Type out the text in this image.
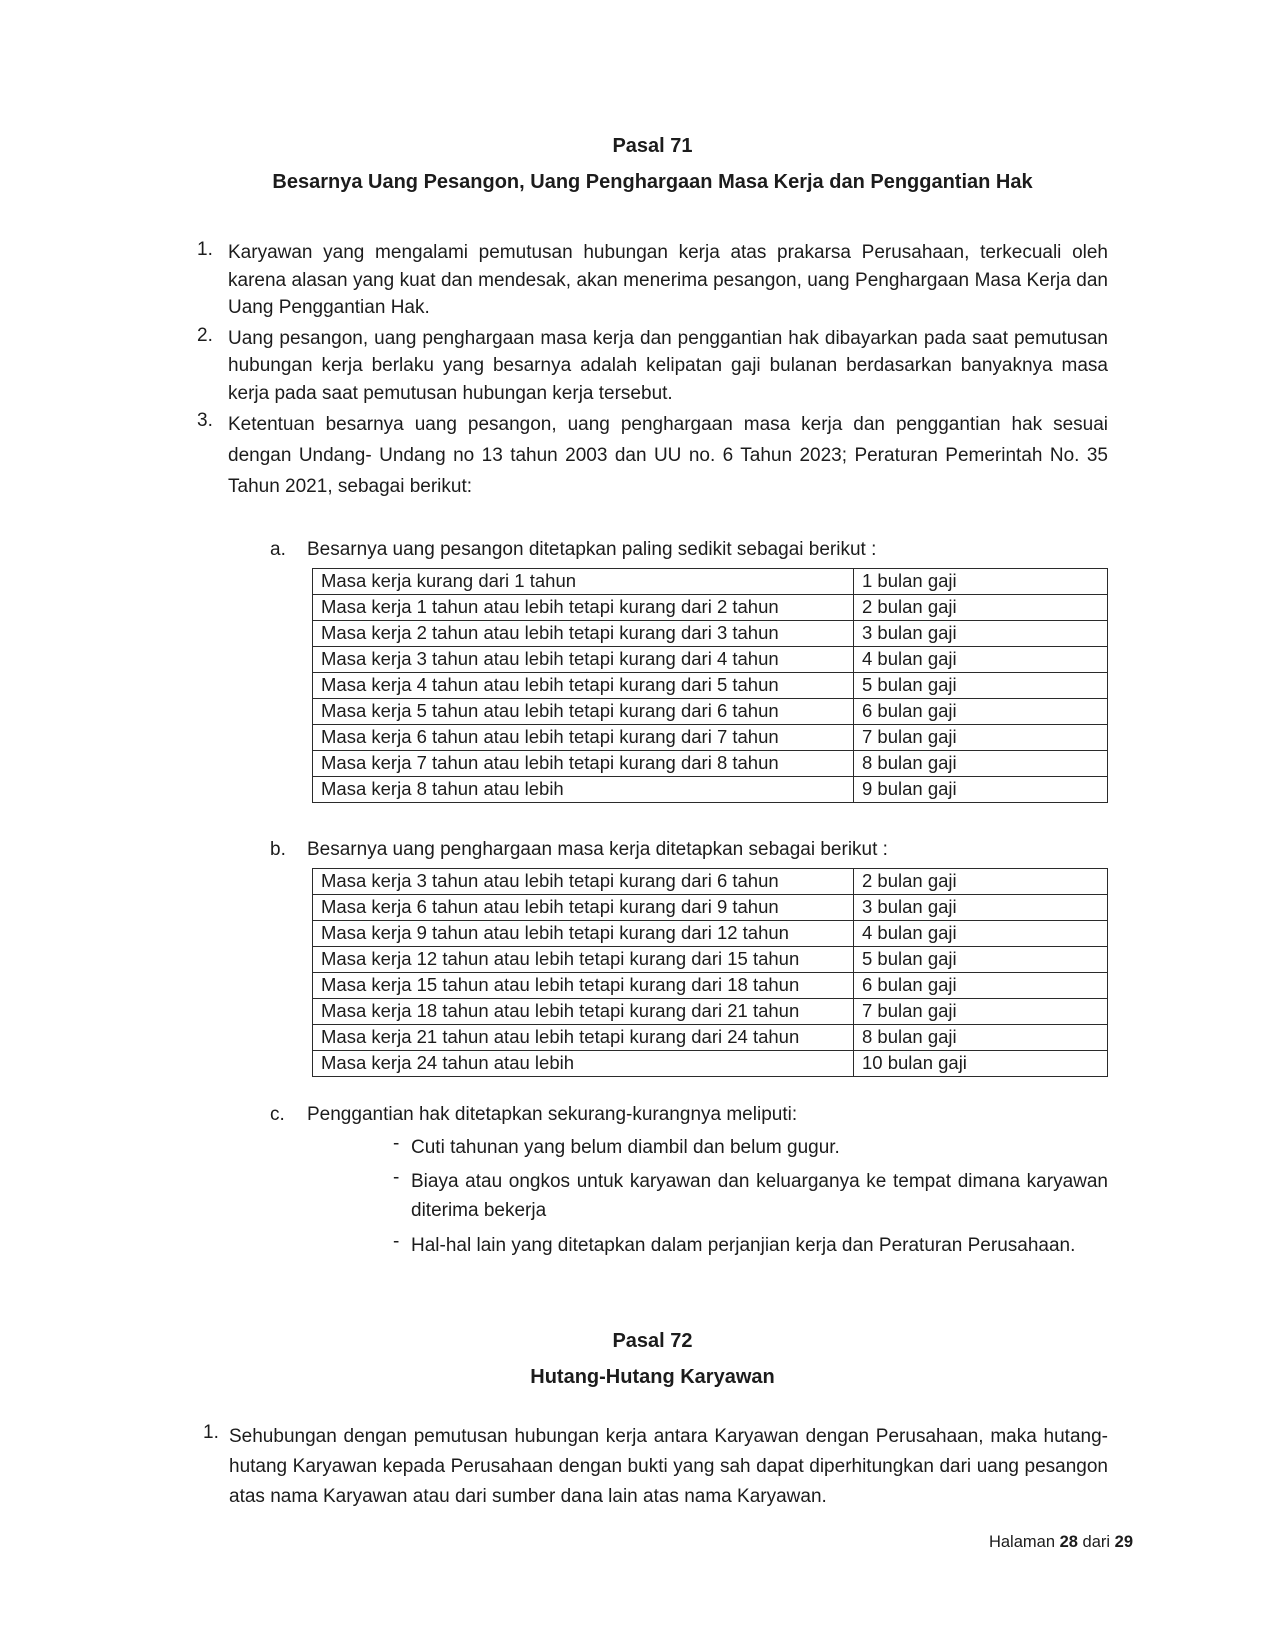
Pasal 71
Besarnya Uang Pesangon, Uang Penghargaan Masa Kerja dan Penggantian Hak
1. Karyawan yang mengalami pemutusan hubungan kerja atas prakarsa Perusahaan, terkecuali oleh karena alasan yang kuat dan mendesak, akan menerima pesangon, uang Penghargaan Masa Kerja dan Uang Penggantian Hak.
2. Uang pesangon, uang penghargaan masa kerja dan penggantian hak dibayarkan pada saat pemutusan hubungan kerja berlaku yang besarnya adalah kelipatan gaji bulanan berdasarkan banyaknya masa kerja pada saat pemutusan hubungan kerja tersebut.
3. Ketentuan besarnya uang pesangon, uang penghargaan masa kerja dan penggantian hak sesuai dengan Undang- Undang no 13 tahun 2003 dan UU no. 6 Tahun 2023; Peraturan Pemerintah No. 35 Tahun 2021, sebagai berikut:
a.	Besarnya uang pesangon ditetapkan paling sedikit sebagai berikut :
Masa kerja kurang dari 1 tahun	1 bulan gaji
Masa kerja 1 tahun atau lebih tetapi kurang dari 2 tahun	2 bulan gaji
Masa kerja 2 tahun atau lebih tetapi kurang dari 3 tahun	3 bulan gaji
Masa kerja 3 tahun atau lebih tetapi kurang dari 4 tahun	4 bulan gaji
Masa kerja 4 tahun atau lebih tetapi kurang dari 5 tahun	5 bulan gaji
Masa kerja 5 tahun atau lebih tetapi kurang dari 6 tahun	6 bulan gaji
Masa kerja 6 tahun atau lebih tetapi kurang dari 7 tahun	7 bulan gaji
Masa kerja 7 tahun atau lebih tetapi kurang dari 8 tahun	8 bulan gaji
Masa kerja 8 tahun atau lebih	9 bulan gaji
b.	Besarnya uang penghargaan masa kerja ditetapkan sebagai berikut :
Masa kerja 3 tahun atau lebih tetapi kurang dari 6 tahun	2 bulan gaji
Masa kerja 6 tahun atau lebih tetapi kurang dari 9 tahun	3 bulan gaji
Masa kerja 9 tahun atau lebih tetapi kurang dari 12 tahun	4 bulan gaji
Masa kerja 12 tahun atau lebih tetapi kurang dari 15 tahun	5 bulan gaji
Masa kerja 15 tahun atau lebih tetapi kurang dari 18 tahun	6 bulan gaji
Masa kerja 18 tahun atau lebih tetapi kurang dari 21 tahun	7 bulan gaji
Masa kerja 21 tahun atau lebih tetapi kurang dari 24 tahun	8 bulan gaji
Masa kerja 24 tahun atau lebih	10 bulan gaji
c.	Penggantian hak ditetapkan sekurang-kurangnya meliputi:
- Cuti tahunan yang belum diambil dan belum gugur.
- Biaya atau ongkos untuk karyawan dan keluarganya ke tempat dimana karyawan diterima bekerja
- Hal-hal lain yang ditetapkan dalam perjanjian kerja dan Peraturan Perusahaan.
Pasal 72
Hutang-Hutang Karyawan
1. Sehubungan dengan pemutusan hubungan kerja antara Karyawan dengan Perusahaan, maka hutang-hutang Karyawan kepada Perusahaan dengan bukti yang sah dapat diperhitungkan dari uang pesangon atas nama Karyawan atau dari sumber dana lain atas nama Karyawan.
Halaman 28 dari 29
